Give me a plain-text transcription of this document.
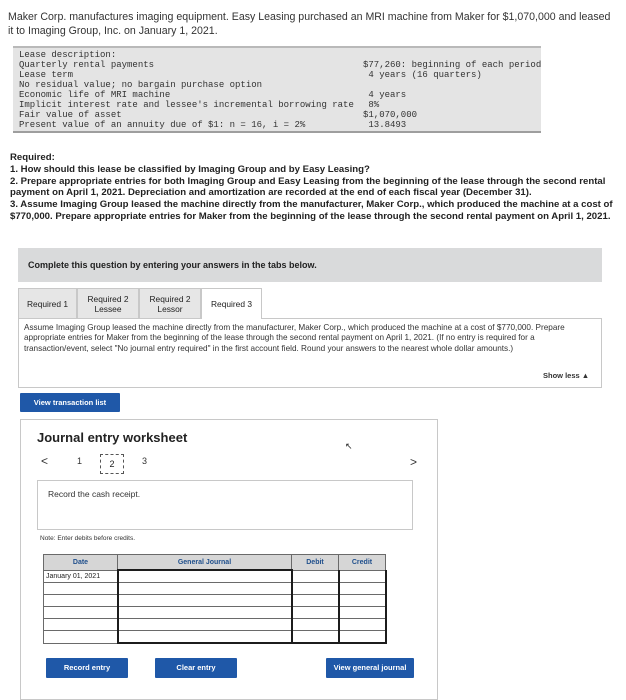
Maker Corp. manufactures imaging equipment. Easy Leasing purchased an MRI machine from Maker for $1,070,000 and leased it to Imaging Group, Inc. on January 1, 2021.
Lease description:
Quarterly rental payments	$77,260: beginning of each period
Lease term	4 years (16 quarters)
No residual value; no bargain purchase option
Economic life of MRI machine	4 years
Implicit interest rate and lessee's incremental borrowing rate 8%
Fair value of asset	$1,070,000
Present value of an annuity due of $1: n = 16, i = 2%	13.8493
Required:
1. How should this lease be classified by Imaging Group and by Easy Leasing?
2. Prepare appropriate entries for both Imaging Group and Easy Leasing from the beginning of the lease through the second rental payment on April 1, 2021. Depreciation and amortization are recorded at the end of each fiscal year (December 31).
3. Assume Imaging Group leased the machine directly from the manufacturer, Maker Corp., which produced the machine at a cost of $770,000. Prepare appropriate entries for Maker from the beginning of the lease through the second rental payment on April 1, 2021.
Complete this question by entering your answers in the tabs below.
Required 1 Required 2
Lessee
Required 2
Lessor	Required 3
Assume Imaging Group leased the machine directly from the manufacturer, Maker Corp., which produced the machine at a cost of $770,000. Prepare appropriate entries for Maker from the beginning of the lease through the second rental payment on April 1, 2021. (If no entry is required for a transaction/event, select "No journal entry required" in the first account field. Round your answers to the nearest whole dollar amounts.)
Show less ▲
View transaction list
Journal entry worksheet
↖
<	1	2	3	>
Record the cash receipt.
Note: Enter debits before credits.
Date	General Journal	Debit	Credit
January 01, 2021			

Record entry	Clear entry	View general journal
